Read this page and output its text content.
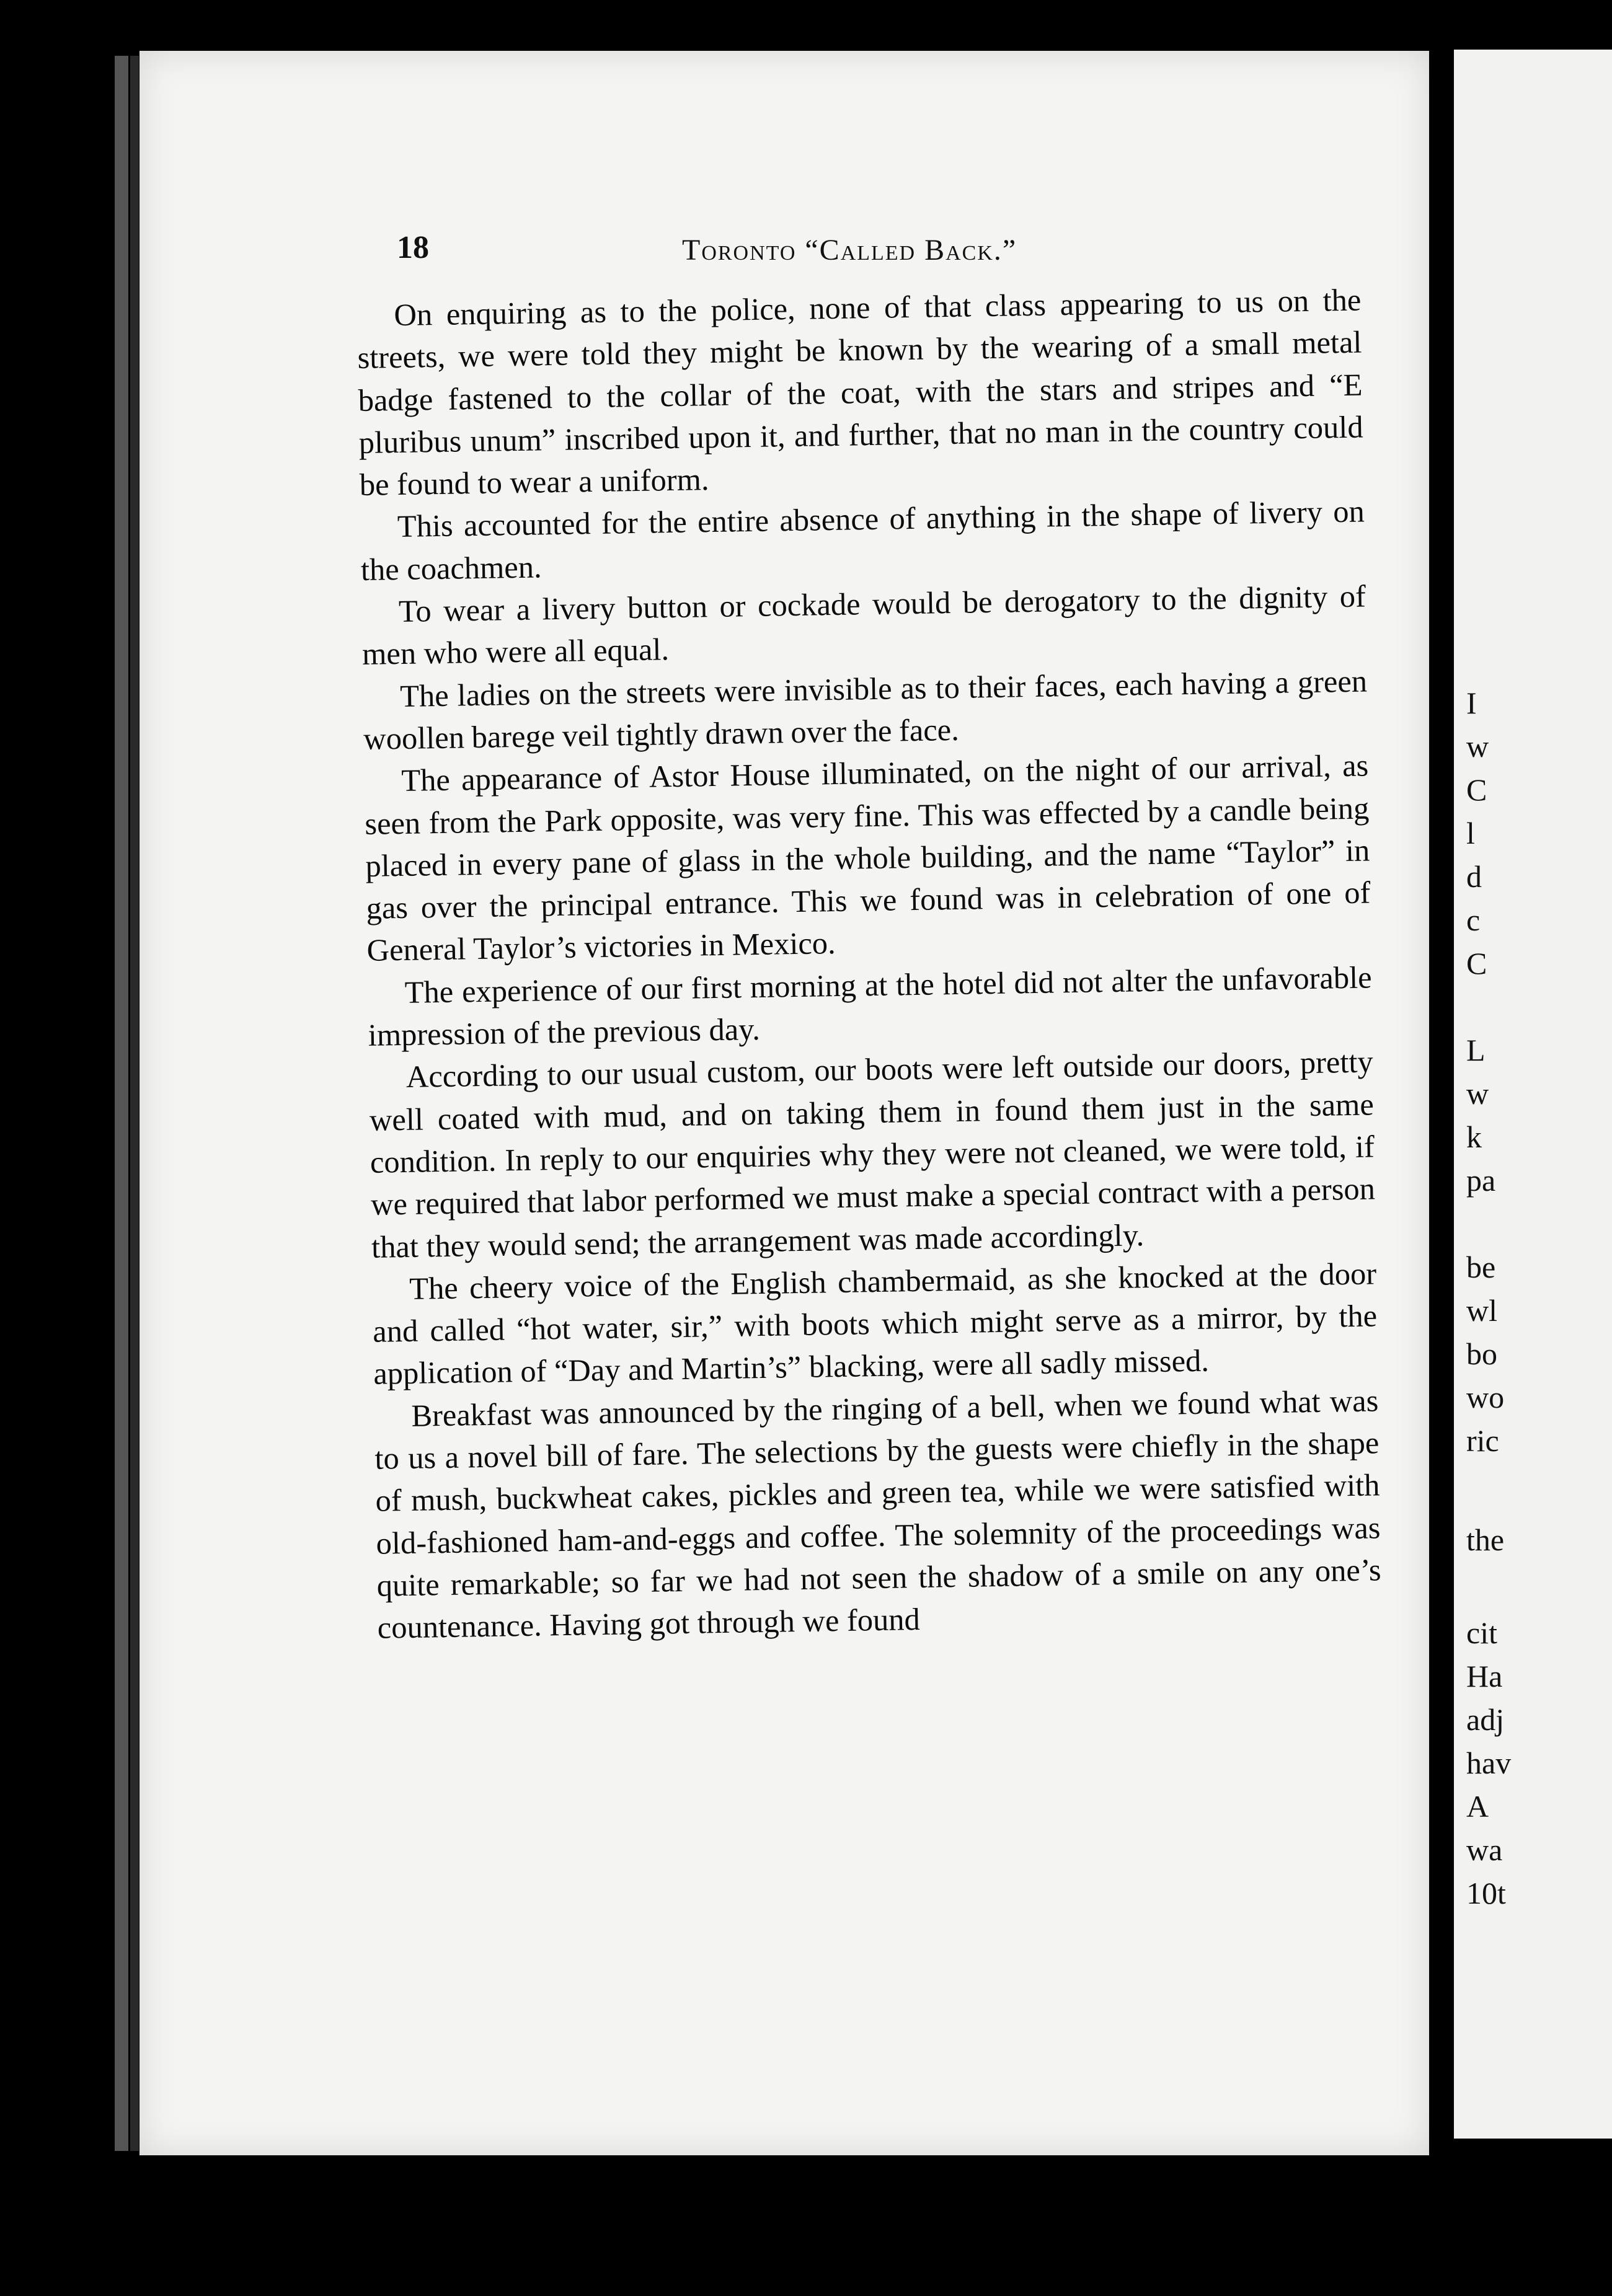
18	Toronto “Called Back.”

On enquiring as to the police, none of that class appearing to us on the streets, we were told they might be known by the wearing of a small metal badge fastened to the collar of the coat, with the stars and stripes and “E pluribus unum” inscribed upon it, and further, that no man in the country could be found to wear a uniform.

This accounted for the entire absence of anything in the shape of livery on the coachmen.

To wear a livery button or cockade would be derogatory to the dignity of men who were all equal.

The ladies on the streets were invisible as to their faces, each having a green woollen barege veil tightly drawn over the face.

The appearance of Astor House illuminated, on the night of our arrival, as seen from the Park opposite, was very fine. This was effected by a candle being placed in every pane of glass in the whole building, and the name “Taylor” in gas over the principal entrance. This we found was in celebration of one of General Taylor’s victories in Mexico.

The experience of our first morning at the hotel did not alter the unfavorable impression of the previous day.

According to our usual custom, our boots were left outside our doors, pretty well coated with mud, and on taking them in found them just in the same condition. In reply to our enquiries why they were not cleaned, we were told, if we required that labor performed we must make a special contract with a person that they would send; the arrangement was made accordingly.

The cheery voice of the English chambermaid, as she knocked at the door and called “hot water, sir,” with boots which might serve as a mirror, by the application of “Day and Martin’s” blacking, were all sadly missed.

Breakfast was announced by the ringing of a bell, when we found what was to us a novel bill of fare. The selections by the guests were chiefly in the shape of mush, buckwheat cakes, pickles and green tea, while we were satisfied with old-fashioned ham-and-eggs and coffee. The solemnity of the proceedings was quite remarkable; so far we had not seen the shadow of a smile on any one’s countenance. Having got through we found

I
w
C
l
d
c
C
L
w
k
pa
be
wl
bo
wo
ric
the
cit
Ha
adj
hav
A
wa
10t
